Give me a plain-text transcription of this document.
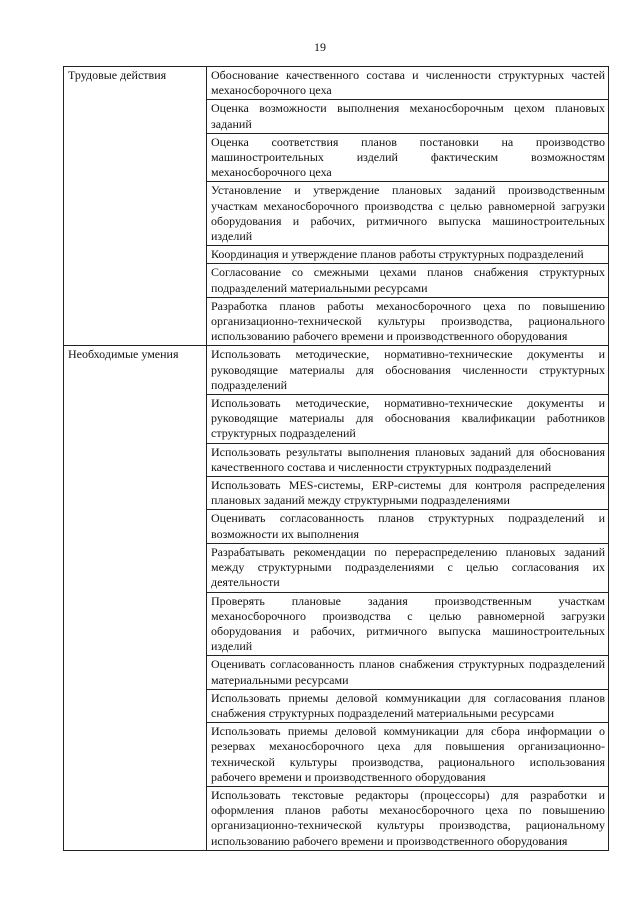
19
Трудовые действия	Обоснование качественного состава и численности структурных частей механосборочного цеха
	Оценка возможности выполнения механосборочным цехом плановых заданий
	Оценка соответствия планов постановки на производство машиностроительных изделий фактическим возможностям механосборочного цеха
	Установление и утверждение плановых заданий производственным участкам механосборочного производства с целью равномерной загрузки оборудования и рабочих, ритмичного выпуска машиностроительных изделий
	Координация и утверждение планов работы структурных подразделений
	Согласование со смежными цехами планов снабжения структурных подразделений материальными ресурсами
	Разработка планов работы механосборочного цеха по повышению организационно-технической культуры производства, рационального использованию рабочего времени и производственного оборудования
Необходимые умения	Использовать методические, нормативно-технические документы и руководящие материалы для обоснования численности структурных подразделений
	Использовать методические, нормативно-технические документы и руководящие материалы для обоснования квалификации работников структурных подразделений
	Использовать результаты выполнения плановых заданий для обоснования качественного состава и численности структурных подразделений
	Использовать MES-системы, ERP-системы для контроля распределения плановых заданий между структурными подразделениями
	Оценивать согласованность планов структурных подразделений и возможности их выполнения
	Разрабатывать рекомендации по перераспределению плановых заданий между структурными подразделениями с целью согласования их деятельности
	Проверять плановые задания производственным участкам механосборочного производства с целью равномерной загрузки оборудования и рабочих, ритмичного выпуска машиностроительных изделий
	Оценивать согласованность планов снабжения структурных подразделений материальными ресурсами
	Использовать приемы деловой коммуникации для согласования планов снабжения структурных подразделений материальными ресурсами
	Использовать приемы деловой коммуникации для сбора информации о резервах механосборочного цеха для повышения организационно-технической культуры производства, рационального использования рабочего времени и производственного оборудования
	Использовать текстовые редакторы (процессоры) для разработки и оформления планов работы механосборочного цеха по повышению организационно-технической культуры производства, рациональному использованию рабочего времени и производственного оборудования
